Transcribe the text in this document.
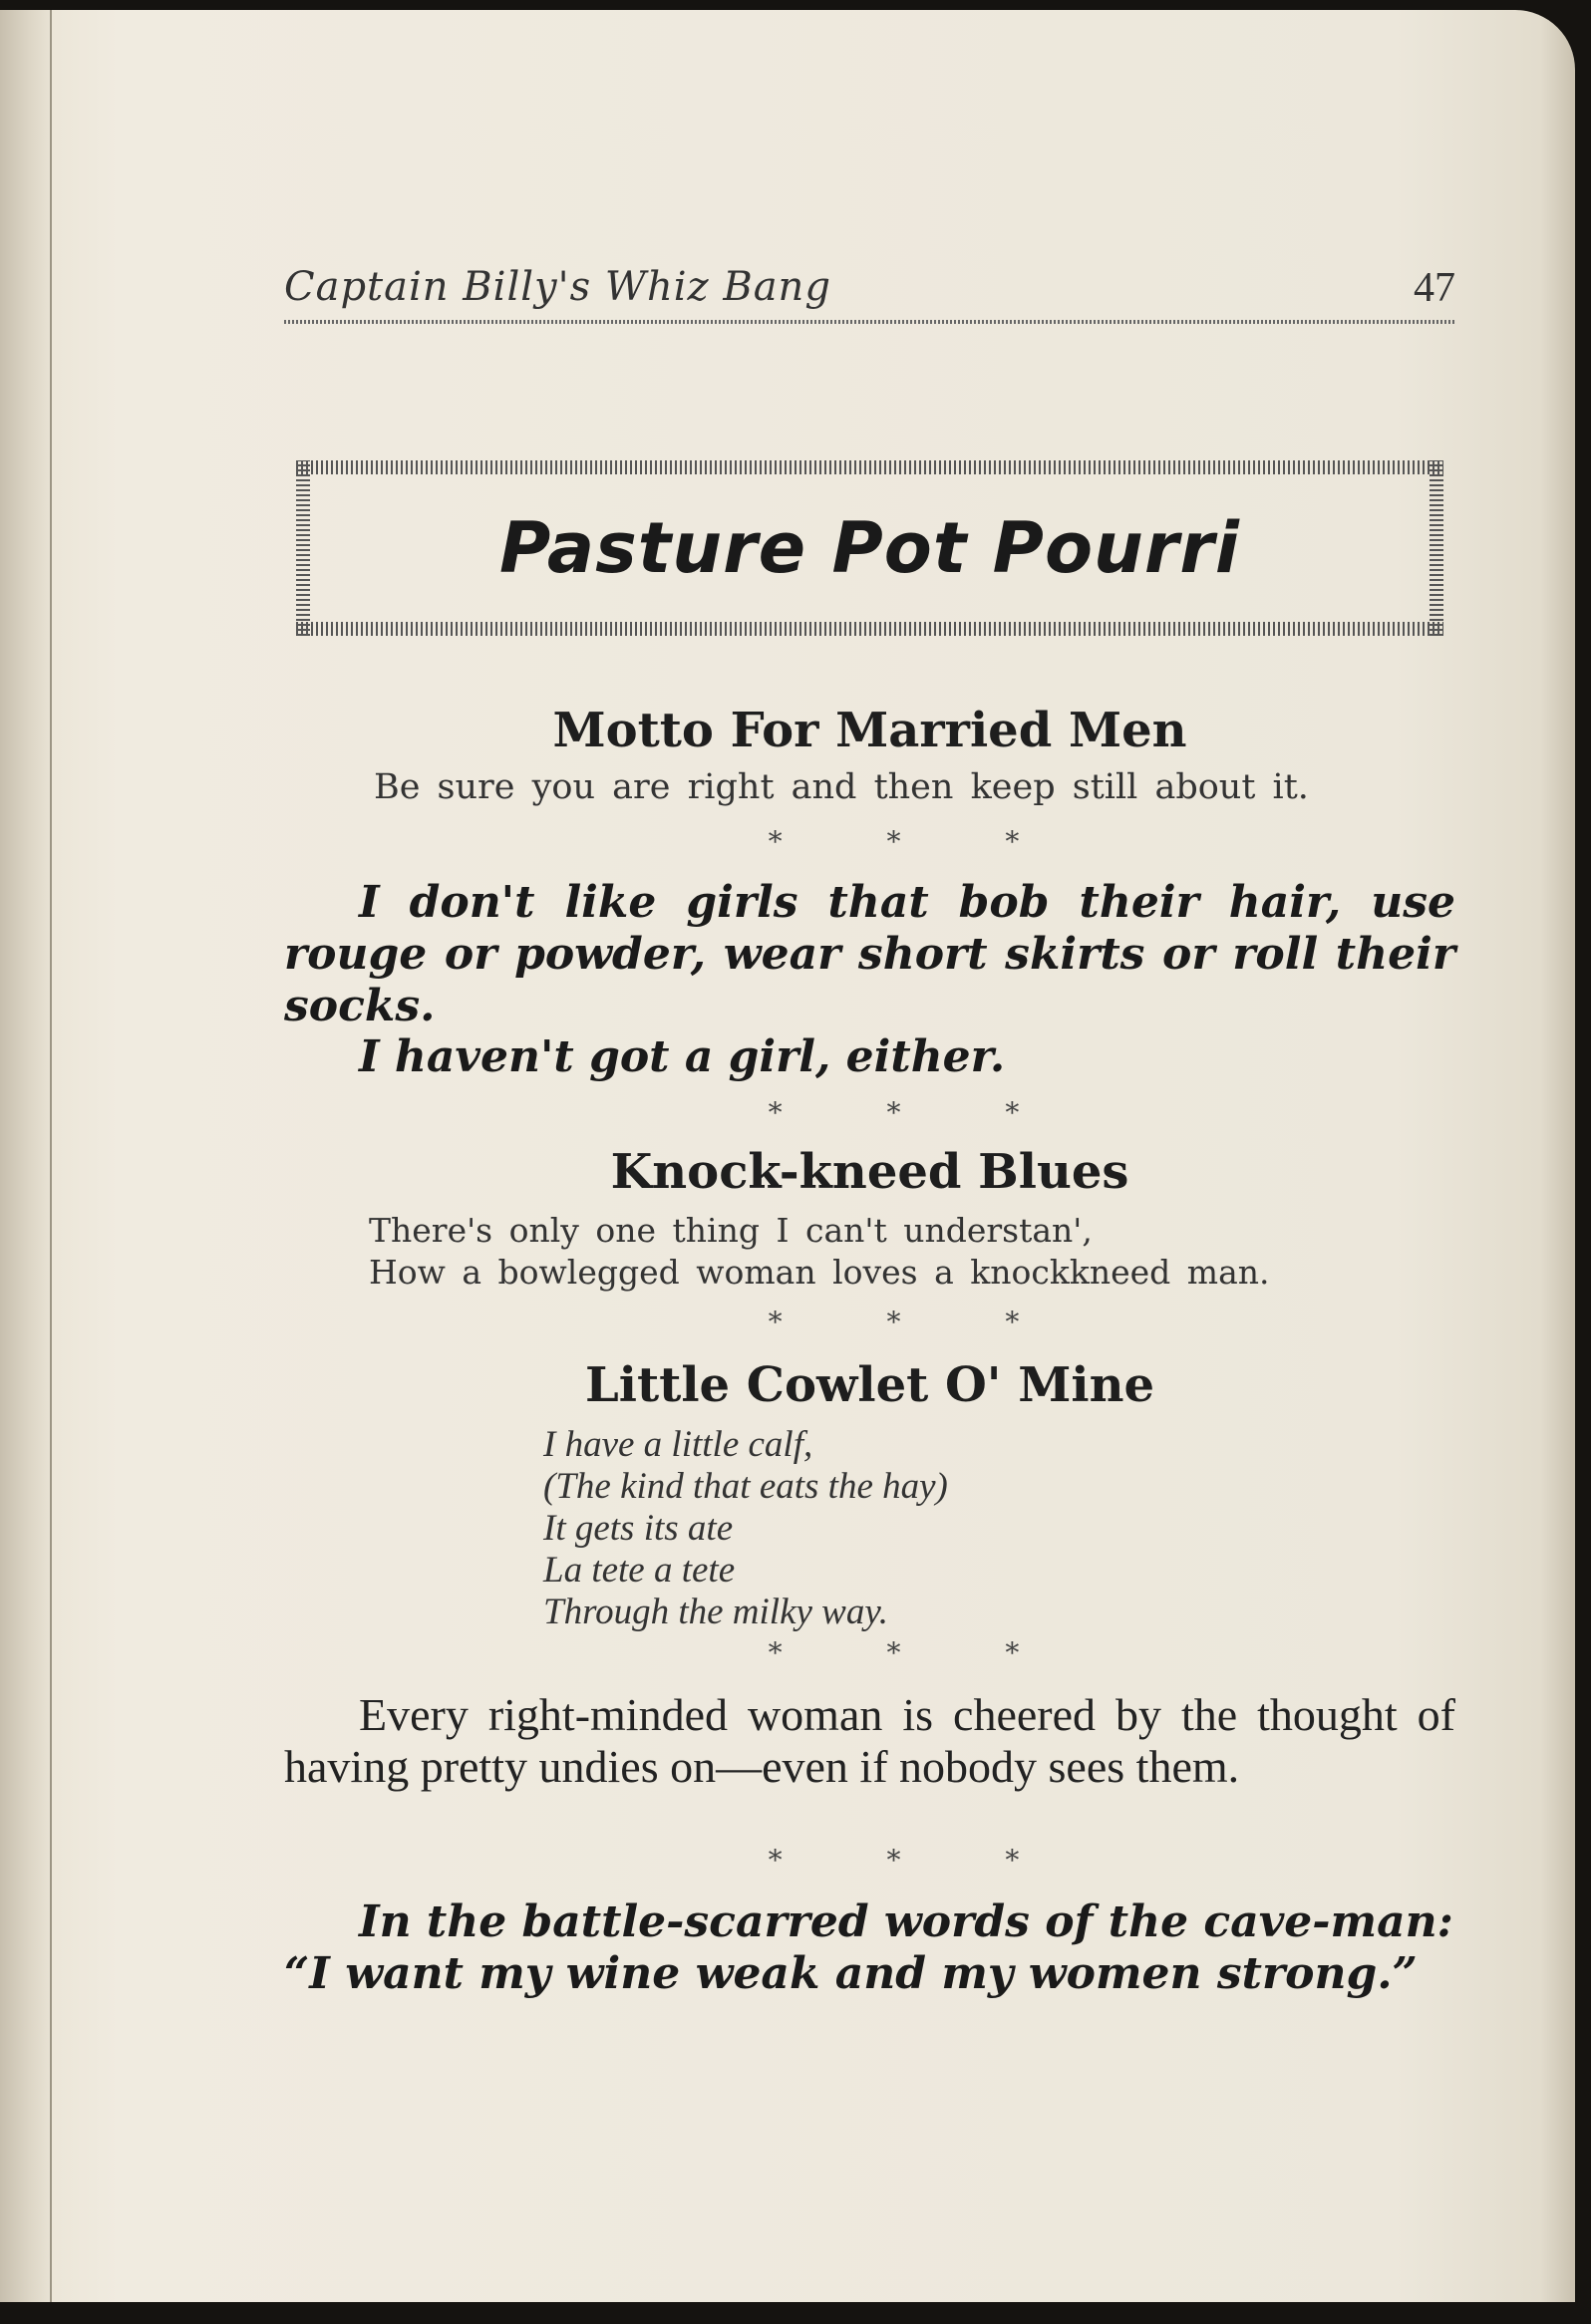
Captain Billy's Whiz Bang	47
Pasture Pot Pourri
Motto For Married Men
Be sure you are right and then keep still about it.
* * *
I don't like girls that bob their hair, use rouge or powder, wear short skirts or roll their socks.
I haven't got a girl, either.
* * *
Knock-kneed Blues
There's only one thing I can't understan',
How a bowlegged woman loves a knockkneed man.
* * *
Little Cowlet O' Mine
I have a little calf,
(The kind that eats the hay)
It gets its ate
La tete a tete
Through the milky way.
* * *
Every right-minded woman is cheered by the thought of having pretty undies on—even if nobody sees them.
* * *
In the battle-scarred words of the cave-man:
“I want my wine weak and my women strong.”
